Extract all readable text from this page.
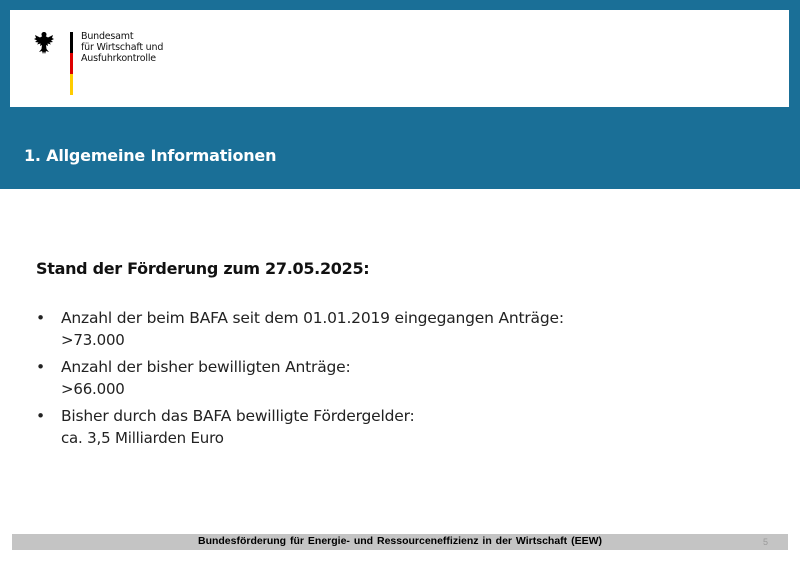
Bundesamt
für Wirtschaft und
Ausfuhrkontrolle
1. Allgemeine Informationen
Stand der Förderung zum 27.05.2025:
• Anzahl der beim BAFA seit dem 01.01.2019 eingegangen Anträge:
>73.000
• Anzahl der bisher bewilligten Anträge:
>66.000
• Bisher durch das BAFA bewilligte Fördergelder:
ca. 3,5 Milliarden Euro
Bundesförderung für Energie- und Ressourceneffizienz in der Wirtschaft (EEW)	5
